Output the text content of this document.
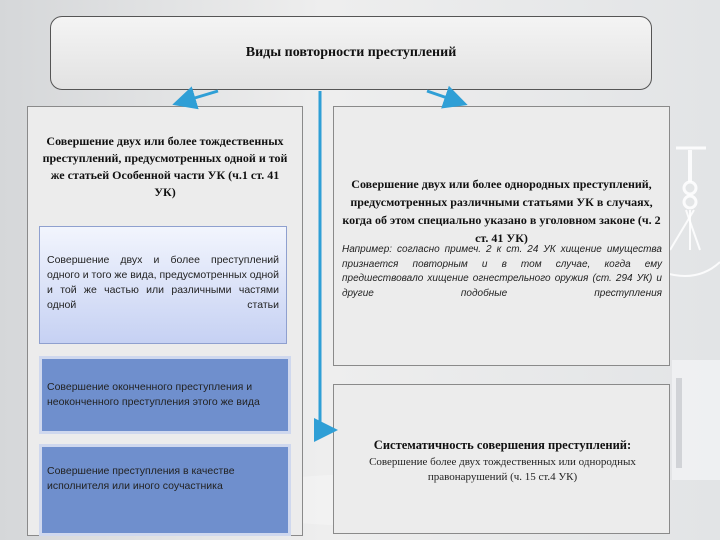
Виды повторности преступлений
Совершение двух или более тождественных преступлений, предусмотренных одной и той же статьей Особенной части УК (ч.1 ст. 41 УК)
Совершение двух и более преступлений одного и того же вида, предусмотренных одной и той же частью или различными частями одной статьи
Совершение оконченного преступления и неоконченного преступления этого же вида
Совершение преступления в качестве исполнителя или иного соучастника
Совершение двух или более однородных преступлений, предусмотренных различными статьями УК в случаях, когда об этом специально указано в уголовном законе (ч. 2 ст. 41 УК)
Например: согласно примеч. 2 к ст. 24 УК хищение имущества признается повторным и в том случае, когда ему предшествовало хищение огнестрельного оружия (ст. 294 УК) и другие подобные преступления
Систематичность совершения преступлений:
Совершение более двух тождественных или однородных правонарушений (ч. 15 ст.4 УК)
